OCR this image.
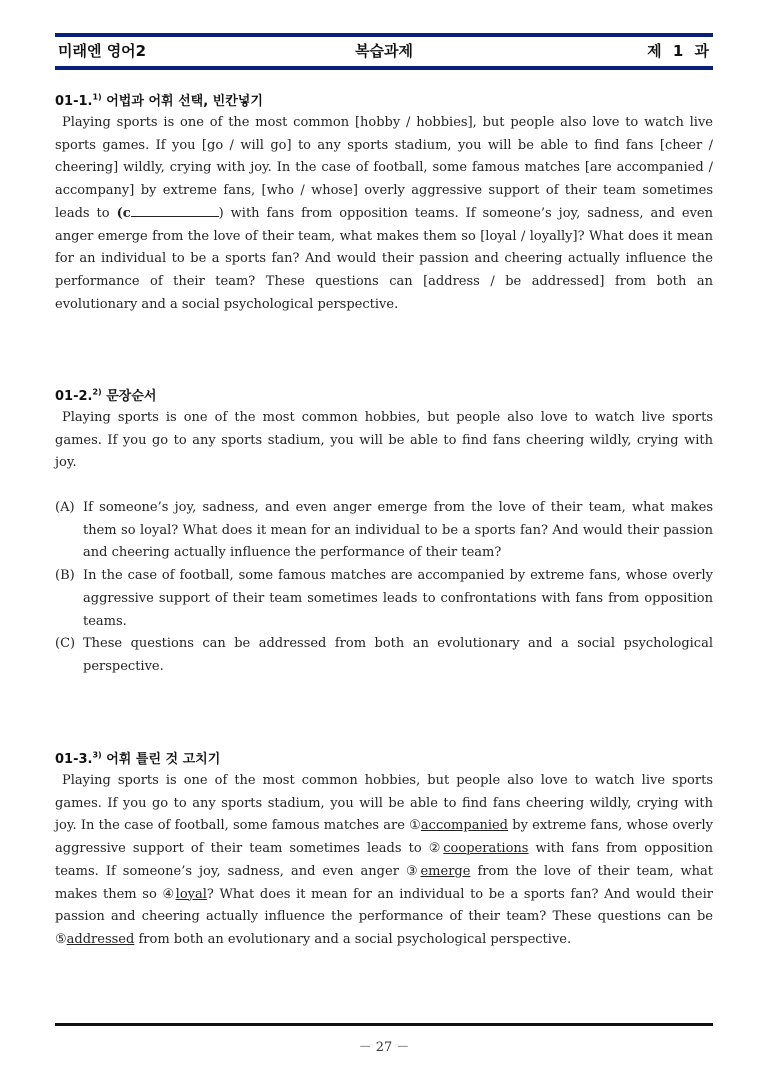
미래엔 영어2	복습과제	제 1 과
01-1.$^{1)}$ 어법과 어휘 선택, 빈칸넣기
Playing sports is one of the most common [hobby / hobbies], but people also love to watch live sports games. If you [go / will go] to any sports stadium, you will be able to find fans [cheer / cheering] wildly, crying with joy. In the case of football, some famous matches [are accompanied / accompany] by extreme fans, [who / whose] overly aggressive support of their team sometimes leads to (c	) with fans from opposition teams. If someone’s joy, sadness, and even anger emerge from the love of their team, what makes them so [loyal / loyally]? What does it mean for an individual to be a sports fan? And would their passion and cheering actually influence the performance of their team? These questions can [address / be addressed] from both an evolutionary and a social psychological perspective.
01-2.$^{2)}$ 문장순서
Playing sports is one of the most common hobbies, but people also love to watch live sports games. If you go to any sports stadium, you will be able to find fans cheering wildly, crying with joy.
(A) If someone’s joy, sadness, and even anger emerge from the love of their team, what makes them so loyal? What does it mean for an individual to be a sports fan? And would their passion and cheering actually influence the performance of their team?
(B) In the case of football, some famous matches are accompanied by extreme fans, whose overly aggressive support of their team sometimes leads to confrontations with fans from opposition teams.
(C) These questions can be addressed from both an evolutionary and a social psychological perspective.
01-3.$^{3)}$ 어휘 틀린 것 고치기
Playing sports is one of the most common hobbies, but people also love to watch live sports games. If you go to any sports stadium, you will be able to find fans cheering wildly, crying with joy. In the case of football, some famous matches are ①accompanied by extreme fans, whose overly aggressive support of their team sometimes leads to ②cooperations with fans from opposition teams. If someone’s joy, sadness, and even anger ③emerge from the love of their team, what makes them so ④loyal? What does it mean for an individual to be a sports fan? And would their passion and cheering actually influence the performance of their team? These questions can be ⑤addressed from both an evolutionary and a social psychological perspective.
－ 27 －
